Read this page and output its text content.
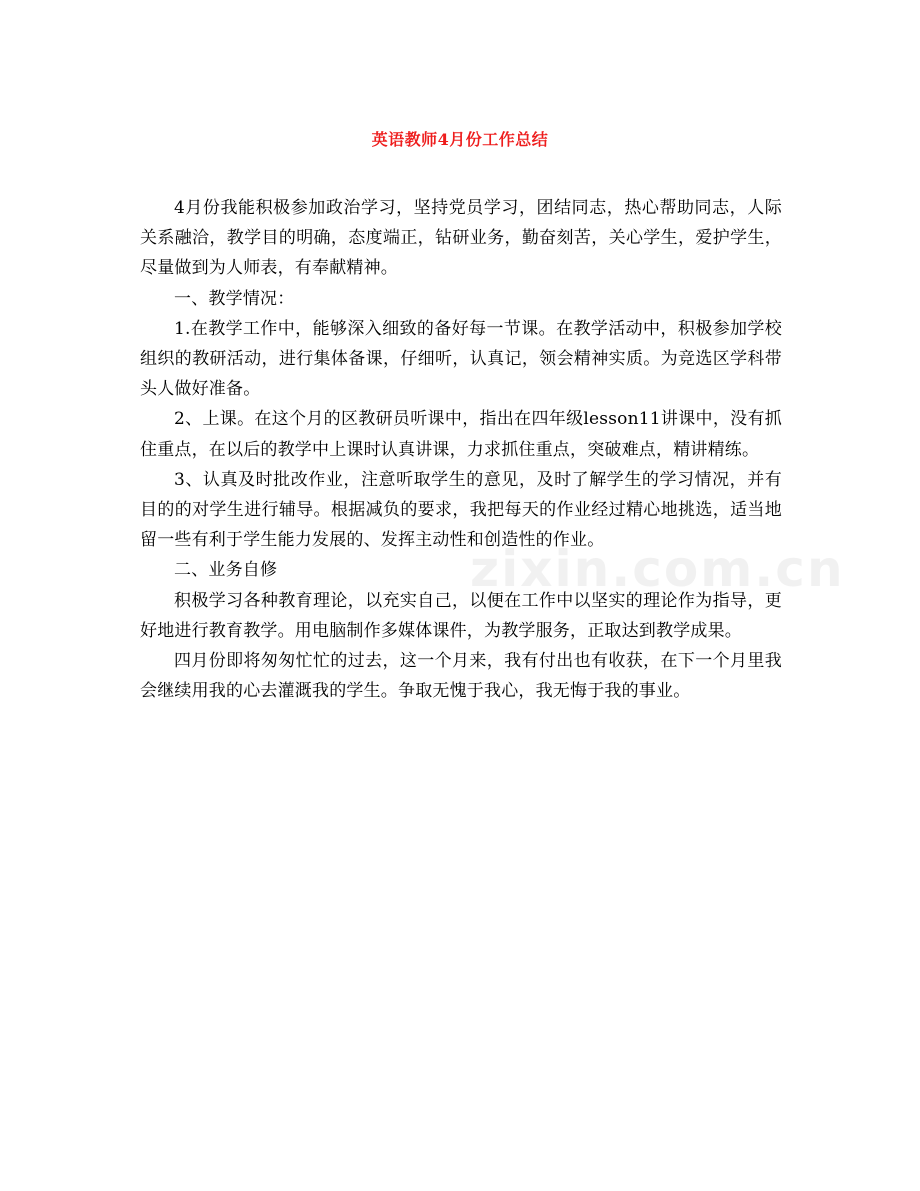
英语教师4月份工作总结

4月份我能积极参加政治学习，坚持党员学习，团结同志，热心帮助同志，人际关系融洽，教学目的明确，态度端正，钻研业务，勤奋刻苦，关心学生，爱护学生，尽量做到为人师表，有奉献精神。

一、教学情况：

1.在教学工作中，能够深入细致的备好每一节课。在教学活动中，积极参加学校组织的教研活动，进行集体备课，仔细听，认真记，领会精神实质。为竞选区学科带头人做好准备。

2、上课。在这个月的区教研员听课中，指出在四年级lesson11讲课中，没有抓住重点，在以后的教学中上课时认真讲课，力求抓住重点，突破难点，精讲精练。

3、认真及时批改作业，注意听取学生的意见，及时了解学生的学习情况，并有目的的对学生进行辅导。根据减负的要求，我把每天的作业经过精心地挑选，适当地留一些有利于学生能力发展的、发挥主动性和创造性的作业。

二、业务自修

积极学习各种教育理论，以充实自己，以便在工作中以坚实的理论作为指导，更好地进行教育教学。用电脑制作多媒体课件，为教学服务，正取达到教学成果。

四月份即将匆匆忙忙的过去，这一个月来，我有付出也有收获，在下一个月里我会继续用我的心去灌溉我的学生。争取无愧于我心，我无悔于我的事业。

zixin.com.cn
